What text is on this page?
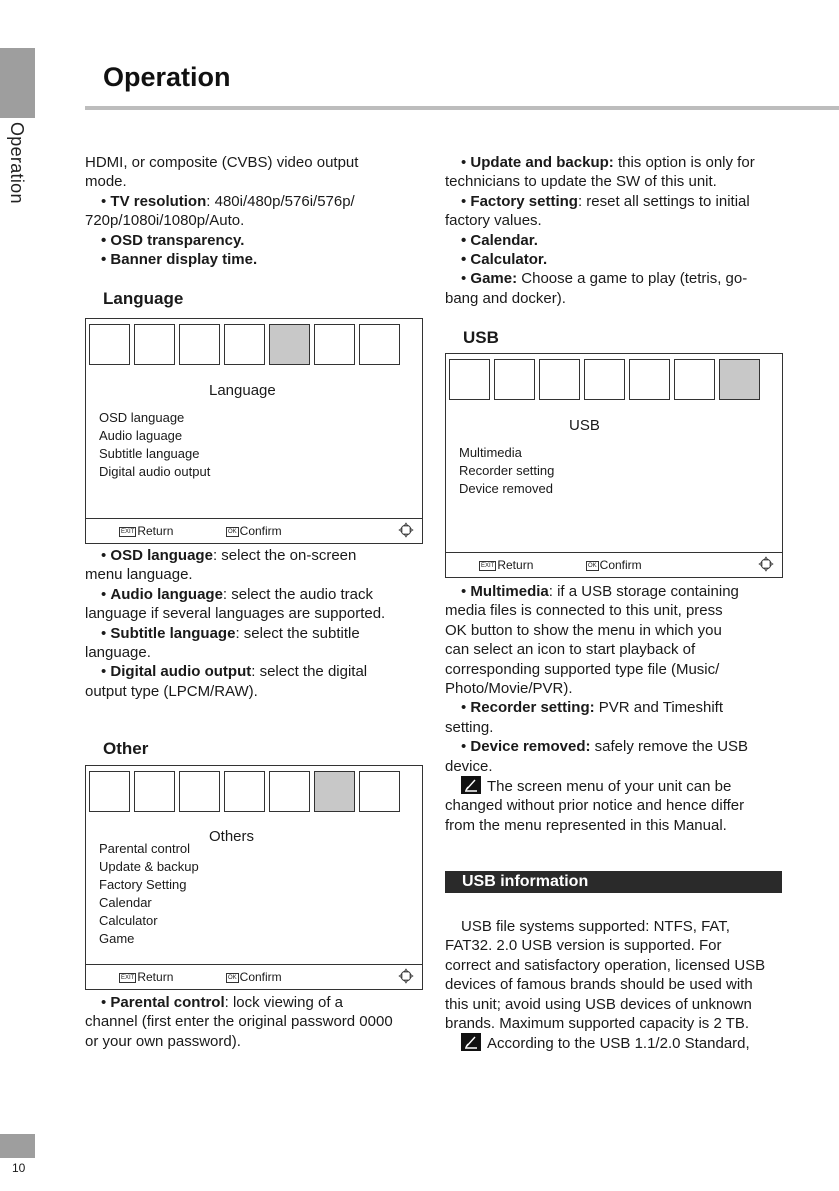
Operation
Operation

HDMI, or composite (CVBS) video output

mode.

• TV resolution: 480i/480p/576i/576p/

720p/1080i/1080p/Auto.

• OSD transparency.

• Banner display time.

Language
Language
OSD language
Audio laguage
Subtitle language
Digital audio output
EXIT Return	OK Confirm

• OSD language: select the on-screen

menu language.

• Audio language: select the audio track

language if several languages are supported.

• Subtitle language: select the subtitle

language.

• Digital audio output: select the digital

output type (LPCM/RAW).

Other
Others
Parental control
Update & backup
Factory Setting
Calendar
Calculator
Game
EXIT Return	OK Confirm

• Parental control: lock viewing of a

channel (first enter the original password 0000

or your own password).

• Update and backup: this option is only for

technicians to update the SW of this unit.

• Factory setting: reset all settings to initial

factory values.

• Calendar.

• Calculator.

• Game: Choose a game to play (tetris, go-

bang and docker).

USB
USB
Multimedia
Recorder setting
Device removed
EXIT Return	OK Confirm

• Multimedia: if a USB storage containing

media files is connected to this unit, press

OK button to show the menu in which you

can select an icon to start playback of

corresponding supported type file (Music/

Photo/Movie/PVR).

• Recorder setting: PVR and Timeshift

setting.

• Device removed: safely remove the USB

device.

The screen menu of your unit can be

changed without prior notice and hence differ

from the menu represented in this Manual.

USB information

USB file systems supported: NTFS, FAT,

FAT32. 2.0 USB version is supported. For

correct and satisfactory operation, licensed USB

devices of famous brands should be used with

this unit; avoid using USB devices of unknown

brands. Maximum supported capacity is 2 TB.

According to the USB 1.1/2.0 Standard,

10
